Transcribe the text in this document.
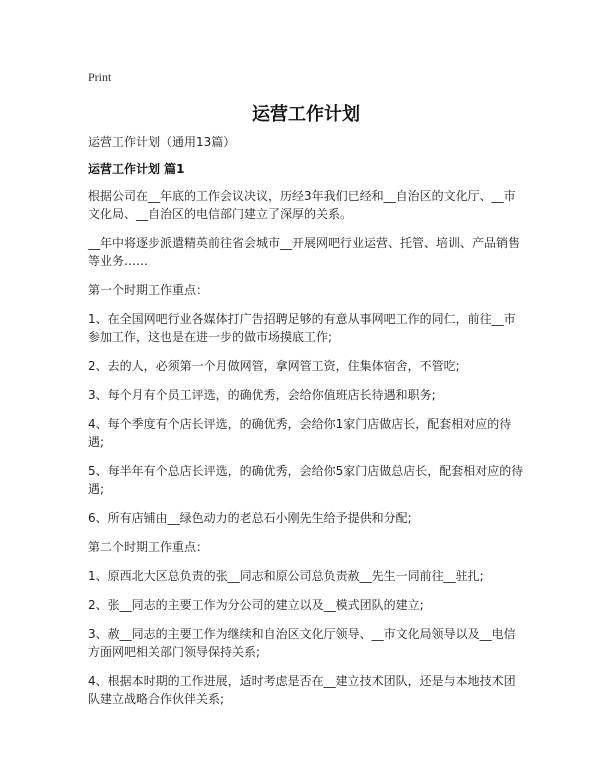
Print
运营工作计划

运营工作计划（通用13篇）

运营工作计划 篇1

根据公司在__年底的工作会议决议，历经3年我们已经和__自治区的文化厅、__市文化局、__自治区的电信部门建立了深厚的关系。

__年中将逐步派遣精英前往省会城市__开展网吧行业运营、托管、培训、产品销售等业务……

第一个时期工作重点：

1、在全国网吧行业各媒体打广告招聘足够的有意从事网吧工作的同仁，前往__市参加工作，这也是在进一步的做市场摸底工作;

2、去的人，必须第一个月做网管，拿网管工资，住集体宿舍，不管吃;

3、每个月有个员工评选，的确优秀，会给你值班店长待遇和职务;

4、每个季度有个店长评选，的确优秀，会给你1家门店做店长，配套相对应的待遇;

5、每半年有个总店长评选，的确优秀，会给你5家门店做总店长，配套相对应的待遇;

6、所有店铺由__绿色动力的老总石小刚先生给予提供和分配;

第二个时期工作重点：

1、原西北大区总负责的张__同志和原公司总负责赦__先生一同前往__驻扎;

2、张__同志的主要工作为分公司的建立以及__模式团队的建立;

3、赦__同志的主要工作为继续和自治区文化厅领导、__市文化局领导以及__电信方面网吧相关部门领导保持关系;

4、根据本时期的工作进展，适时考虑是否在__建立技术团队，还是与本地技术团队建立战略合作伙伴关系;
